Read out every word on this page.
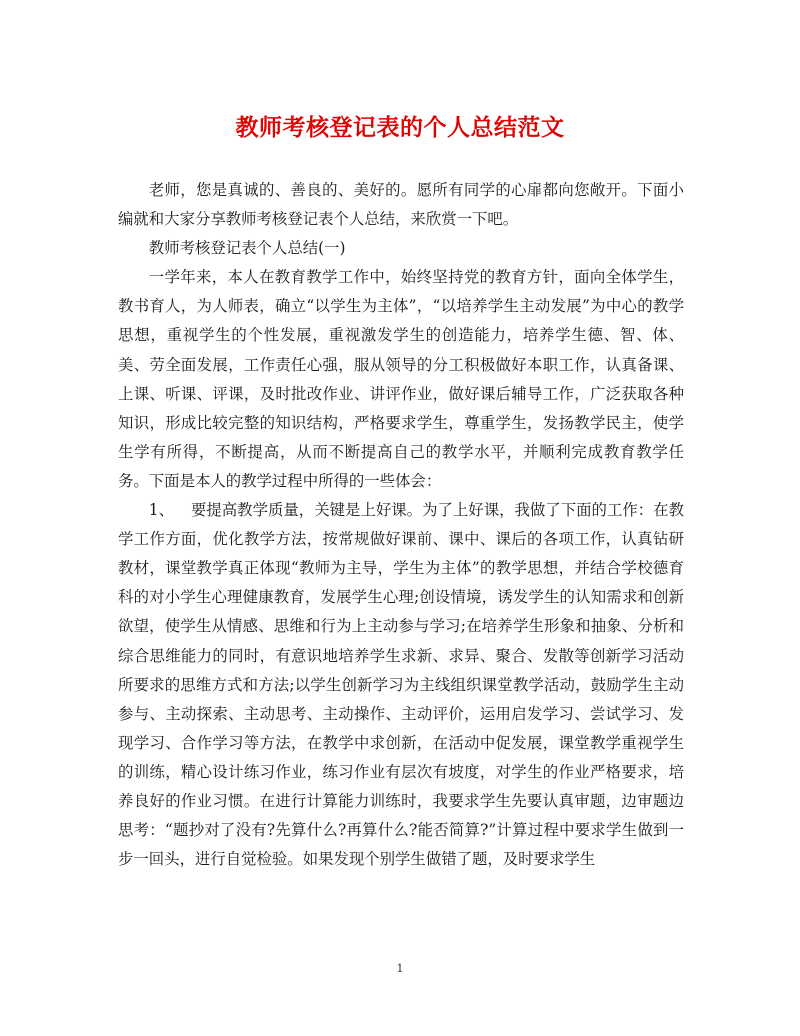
教师考核登记表的个人总结范文

老师，您是真诚的、善良的、美好的。愿所有同学的心扉都向您敞开。下面小编就和大家分享教师考核登记表个人总结，来欣赏一下吧。

教师考核登记表个人总结(一)

一学年来，本人在教育教学工作中，始终坚持党的教育方针，面向全体学生，教书育人，为人师表，确立“以学生为主体”，“以培养学生主动发展”为中心的教学思想，重视学生的个性发展，重视激发学生的创造能力，培养学生德、智、体、美、劳全面发展，工作责任心强，服从领导的分工积极做好本职工作，认真备课、上课、听课、评课，及时批改作业、讲评作业，做好课后辅导工作，广泛获取各种知识，形成比较完整的知识结构，严格要求学生，尊重学生，发扬教学民主，使学生学有所得，不断提高，从而不断提高自己的教学水平，并顺利完成教育教学任务。下面是本人的教学过程中所得的一些体会：

1、 要提高教学质量，关键是上好课。为了上好课，我做了下面的工作：在教学工作方面，优化教学方法，按常规做好课前、课中、课后的各项工作，认真钻研教材，课堂教学真正体现“教师为主导，学生为主体”的教学思想，并结合学校德育科的对小学生心理健康教育，发展学生心理;创设情境，诱发学生的认知需求和创新欲望，使学生从情感、思维和行为上主动参与学习;在培养学生形象和抽象、分析和综合思维能力的同时，有意识地培养学生求新、求异、聚合、发散等创新学习活动所要求的思维方式和方法;以学生创新学习为主线组织课堂教学活动，鼓励学生主动参与、主动探索、主动思考、主动操作、主动评价，运用启发学习、尝试学习、发现学习、合作学习等方法，在教学中求创新，在活动中促发展，课堂教学重视学生的训练，精心设计练习作业，练习作业有层次有坡度，对学生的作业严格要求，培养良好的作业习惯。在进行计算能力训练时，我要求学生先要认真审题，边审题边思考：“题抄对了没有?先算什么?再算什么?能否简算?”计算过程中要求学生做到一步一回头，进行自觉检验。如果发现个别学生做错了题，及时要求学生

1
